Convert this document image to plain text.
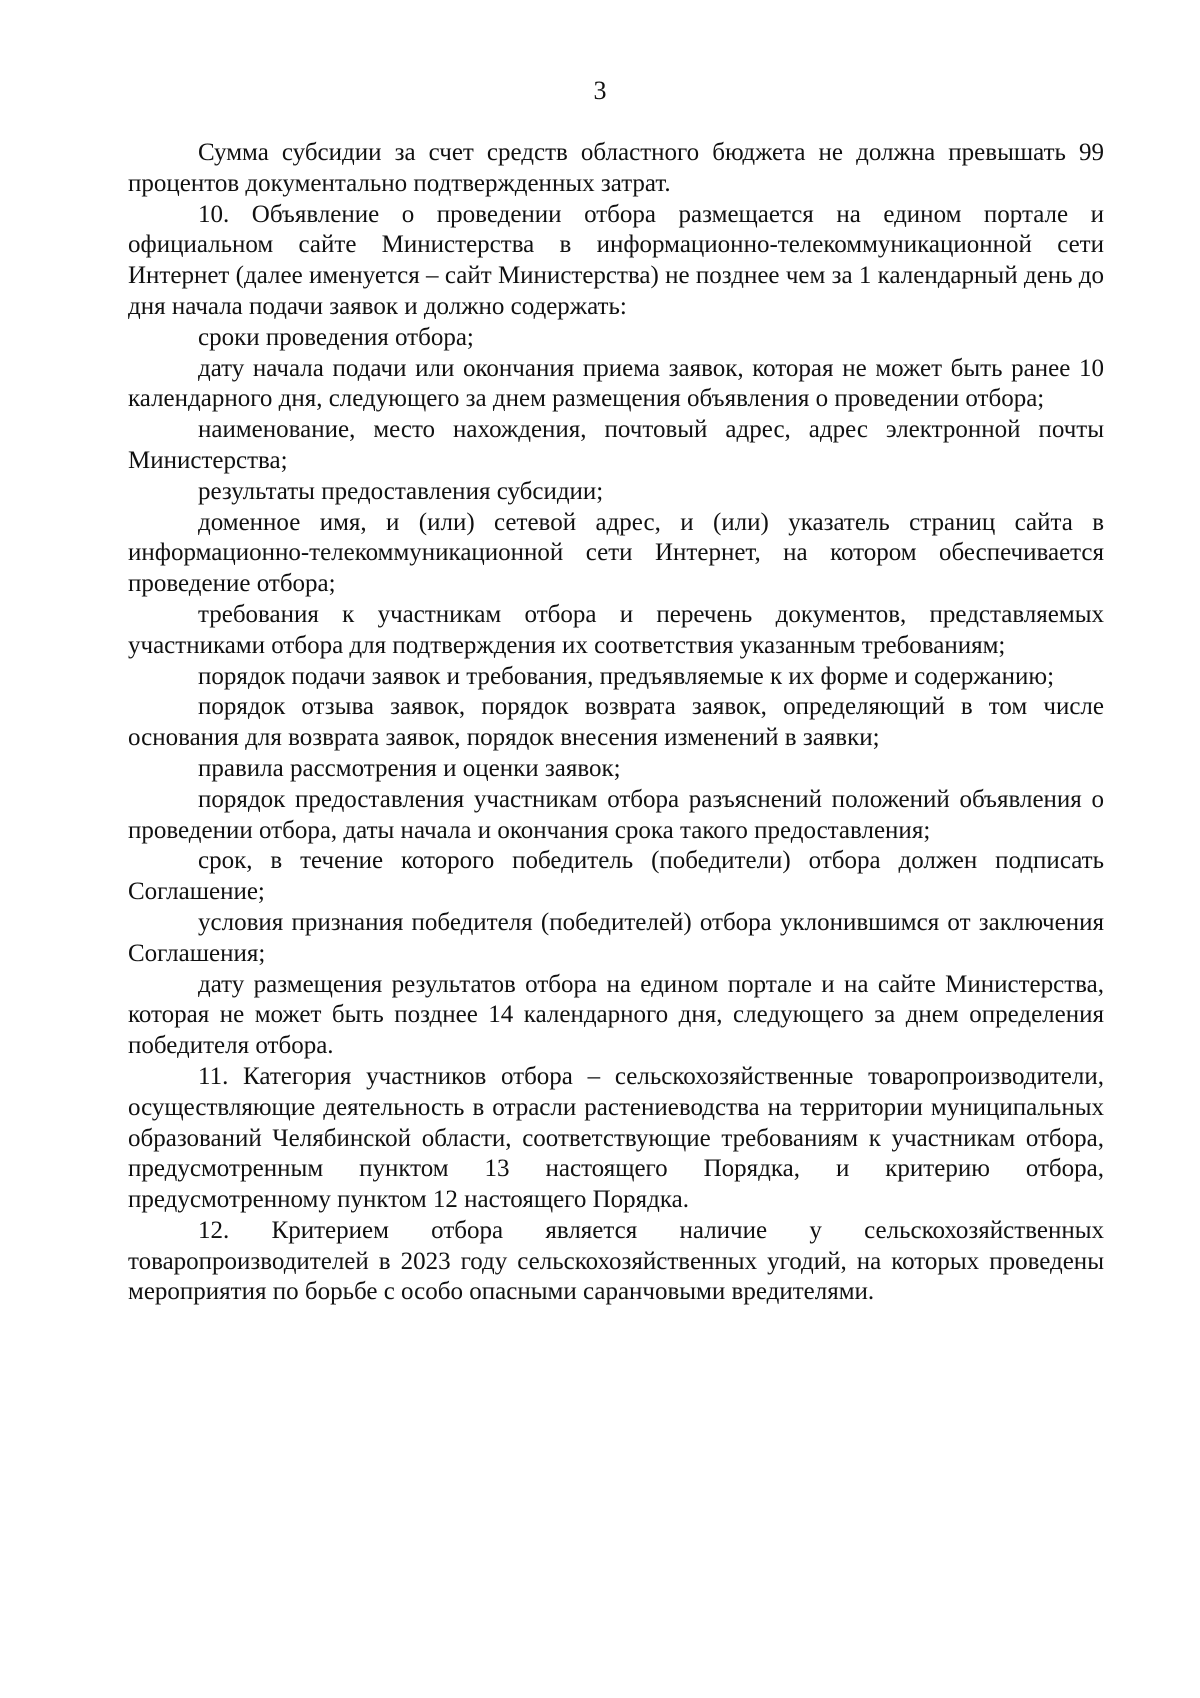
3

Сумма субсидии за счет средств областного бюджета не должна превышать 99 процентов документально подтвержденных затрат.

10. Объявление о проведении отбора размещается на едином портале и официальном сайте Министерства в информационно-телекоммуникационной сети Интернет (далее именуется – сайт Министерства) не позднее чем за 1 календарный день до дня начала подачи заявок и должно содержать:

сроки проведения отбора;

дату начала подачи или окончания приема заявок, которая не может быть ранее 10 календарного дня, следующего за днем размещения объявления о проведении отбора;

наименование, место нахождения, почтовый адрес, адрес электронной почты Министерства;

результаты предоставления субсидии;

доменное имя, и (или) сетевой адрес, и (или) указатель страниц сайта в информационно-телекоммуникационной сети Интернет, на котором обеспечивается проведение отбора;

требования к участникам отбора и перечень документов, представляемых участниками отбора для подтверждения их соответствия указанным требованиям;

порядок подачи заявок и требования, предъявляемые к их форме и содержанию;

порядок отзыва заявок, порядок возврата заявок, определяющий в том числе основания для возврата заявок, порядок внесения изменений в заявки;

правила рассмотрения и оценки заявок;

порядок предоставления участникам отбора разъяснений положений объявления о проведении отбора, даты начала и окончания срока такого предоставления;

срок, в течение которого победитель (победители) отбора должен подписать Соглашение;

условия признания победителя (победителей) отбора уклонившимся от заключения Соглашения;

дату размещения результатов отбора на едином портале и на сайте Министерства, которая не может быть позднее 14 календарного дня, следующего за днем определения победителя отбора.

11. Категория участников отбора – сельскохозяйственные товаропроизводители, осуществляющие деятельность в отрасли растениеводства на территории муниципальных образований Челябинской области, соответствующие требованиям к участникам отбора, предусмотренным пунктом 13 настоящего Порядка, и критерию отбора, предусмотренному пунктом 12 настоящего Порядка.

12. Критерием отбора является наличие у сельскохозяйственных товаропроизводителей в 2023 году сельскохозяйственных угодий, на которых проведены мероприятия по борьбе с особо опасными саранчовыми вредителями.
